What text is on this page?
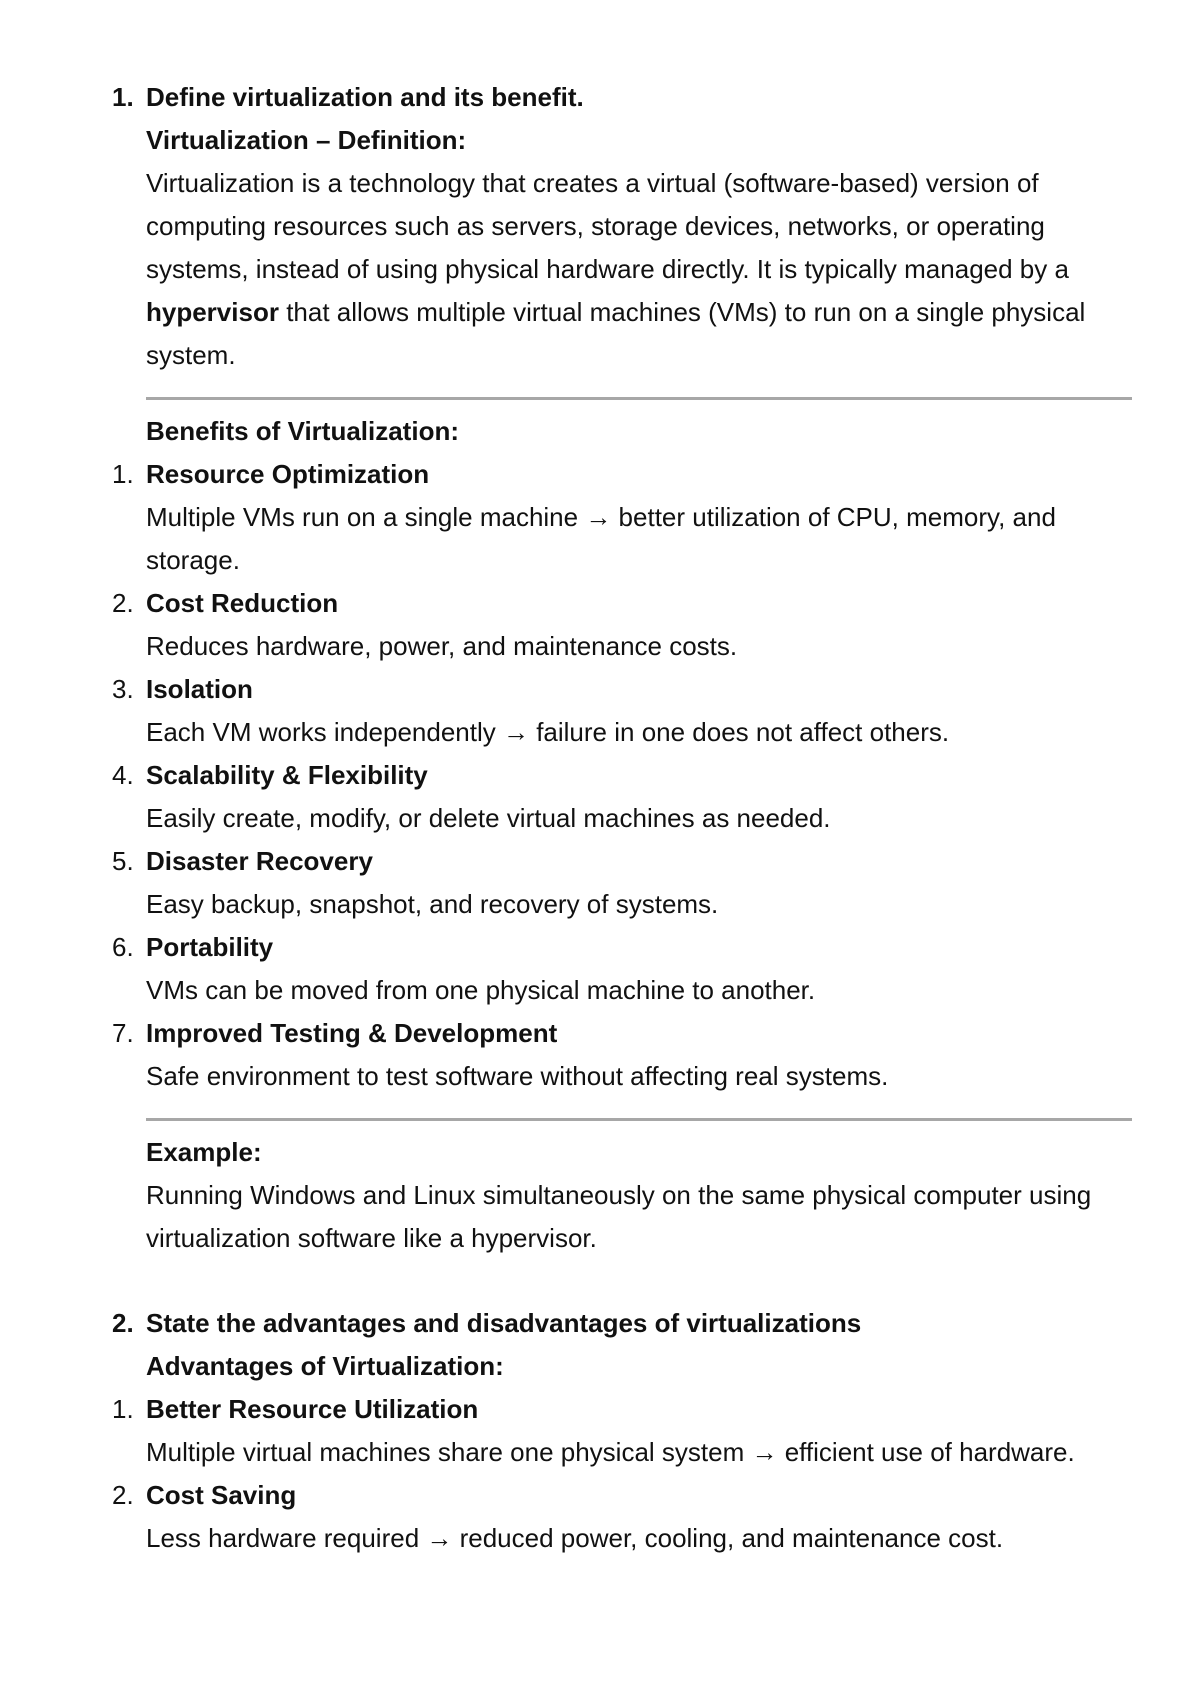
1. Define virtualization and its benefit.
Virtualization – Definition:
Virtualization is a technology that creates a virtual (software-based) version of computing resources such as servers, storage devices, networks, or operating systems, instead of using physical hardware directly. It is typically managed by a hypervisor that allows multiple virtual machines (VMs) to run on a single physical system.
Benefits of Virtualization:
1. Resource Optimization
Multiple VMs run on a single machine → better utilization of CPU, memory, and storage.
2. Cost Reduction
Reduces hardware, power, and maintenance costs.
3. Isolation
Each VM works independently → failure in one does not affect others.
4. Scalability & Flexibility
Easily create, modify, or delete virtual machines as needed.
5. Disaster Recovery
Easy backup, snapshot, and recovery of systems.
6. Portability
VMs can be moved from one physical machine to another.
7. Improved Testing & Development
Safe environment to test software without affecting real systems.
Example:
Running Windows and Linux simultaneously on the same physical computer using virtualization software like a hypervisor.
2. State the advantages and disadvantages of virtualizations
Advantages of Virtualization:
1. Better Resource Utilization
Multiple virtual machines share one physical system → efficient use of hardware.
2. Cost Saving
Less hardware required → reduced power, cooling, and maintenance cost.
